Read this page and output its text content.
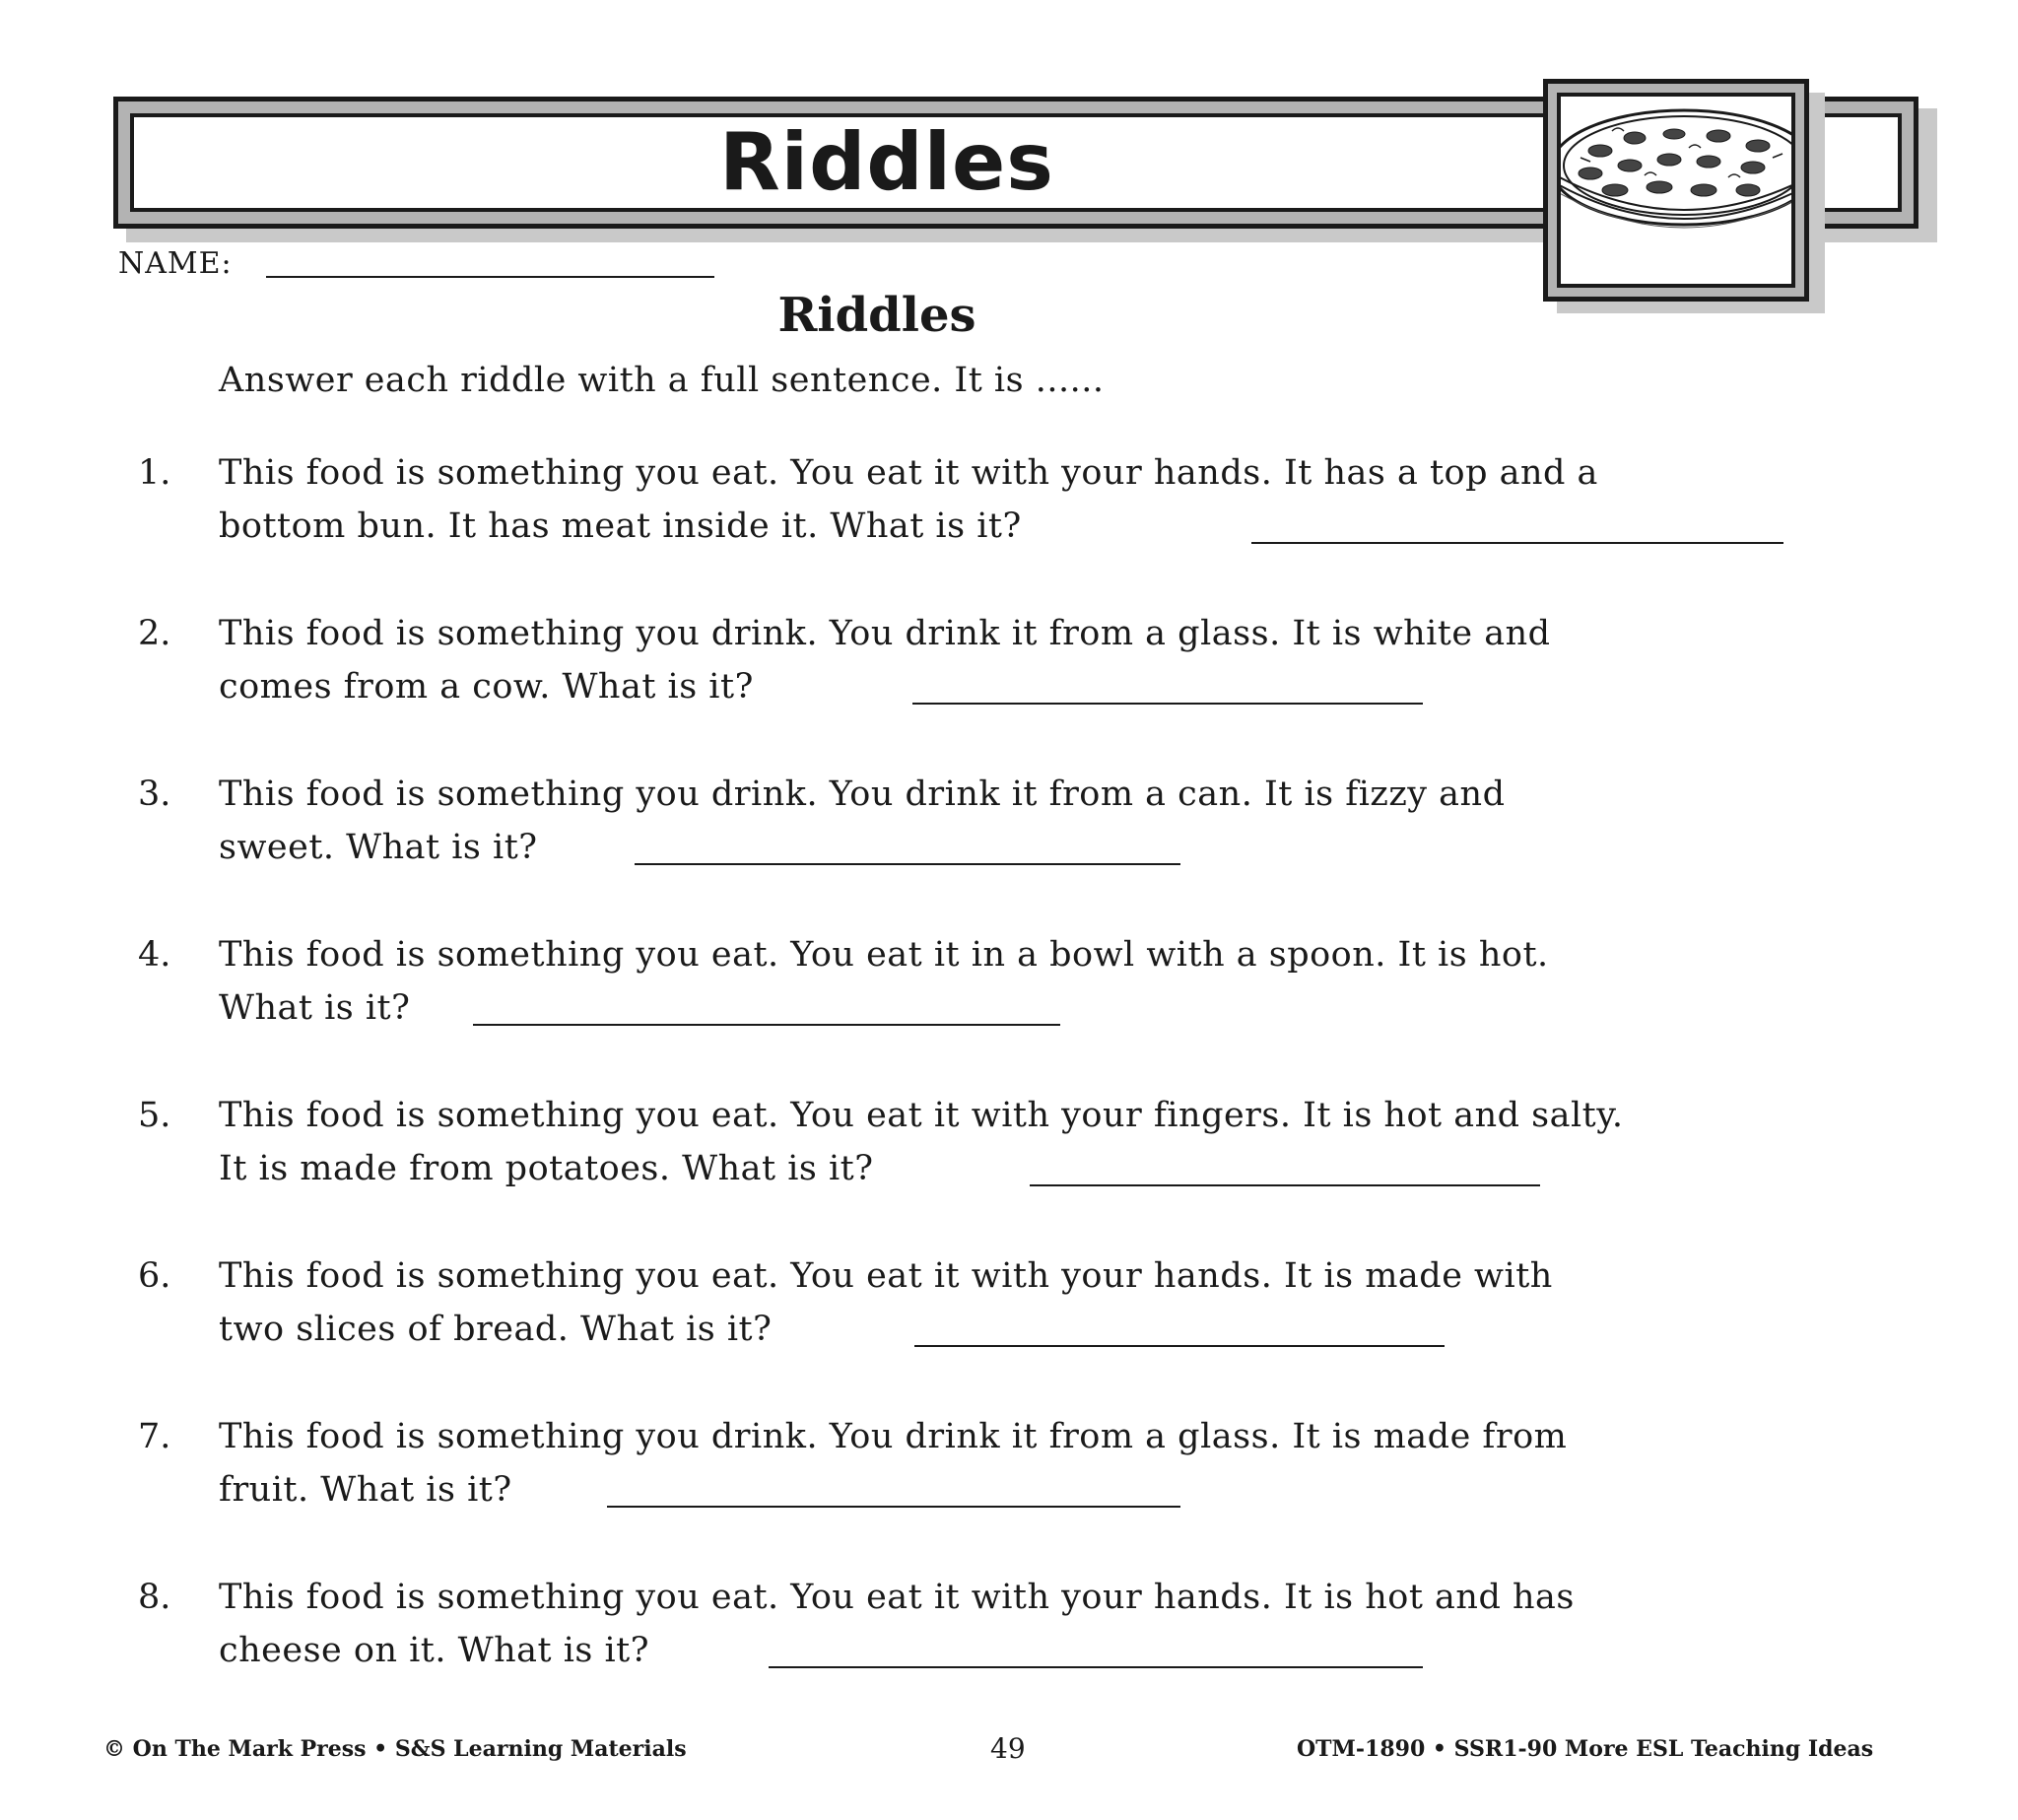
Riddles
NAME:
Riddles
Answer each riddle with a full sentence. It is ......
1. This food is something you eat. You eat it with your hands. It has a top and a
bottom bun. It has meat inside it. What is it?
2. This food is something you drink. You drink it from a glass. It is white and
comes from a cow. What is it?
3. This food is something you drink. You drink it from a can. It is fizzy and
sweet. What is it?
4. This food is something you eat. You eat it in a bowl with a spoon. It is hot.
What is it?
5. This food is something you eat. You eat it with your fingers. It is hot and salty.
It is made from potatoes. What is it?
6. This food is something you eat. You eat it with your hands. It is made with
two slices of bread. What is it?
7. This food is something you drink. You drink it from a glass. It is made from
fruit. What is it?
8. This food is something you eat. You eat it with your hands. It is hot and has
cheese on it. What is it?
© On The Mark Press • S&S Learning Materials	49	OTM-1890 • SSR1-90 More ESL Teaching Ideas
